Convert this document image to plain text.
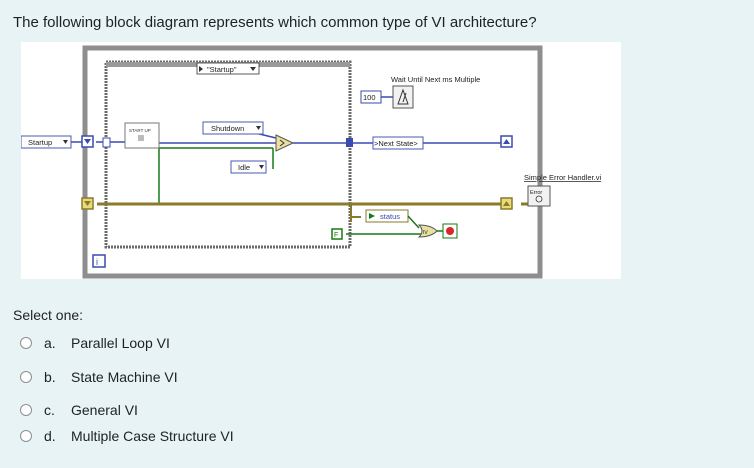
The following block diagram represents which common type of VI architecture?
"Startup"
Startup
START UP	Shutdown
Idle
Wait Until Next ms Multiple
100
>Next State>
status
IV
F
i
Simple Error Handler.vi
Error
Select one:
a.	Parallel Loop VI
b.	State Machine VI
c.	General VI
d.	Multiple Case Structure VI
